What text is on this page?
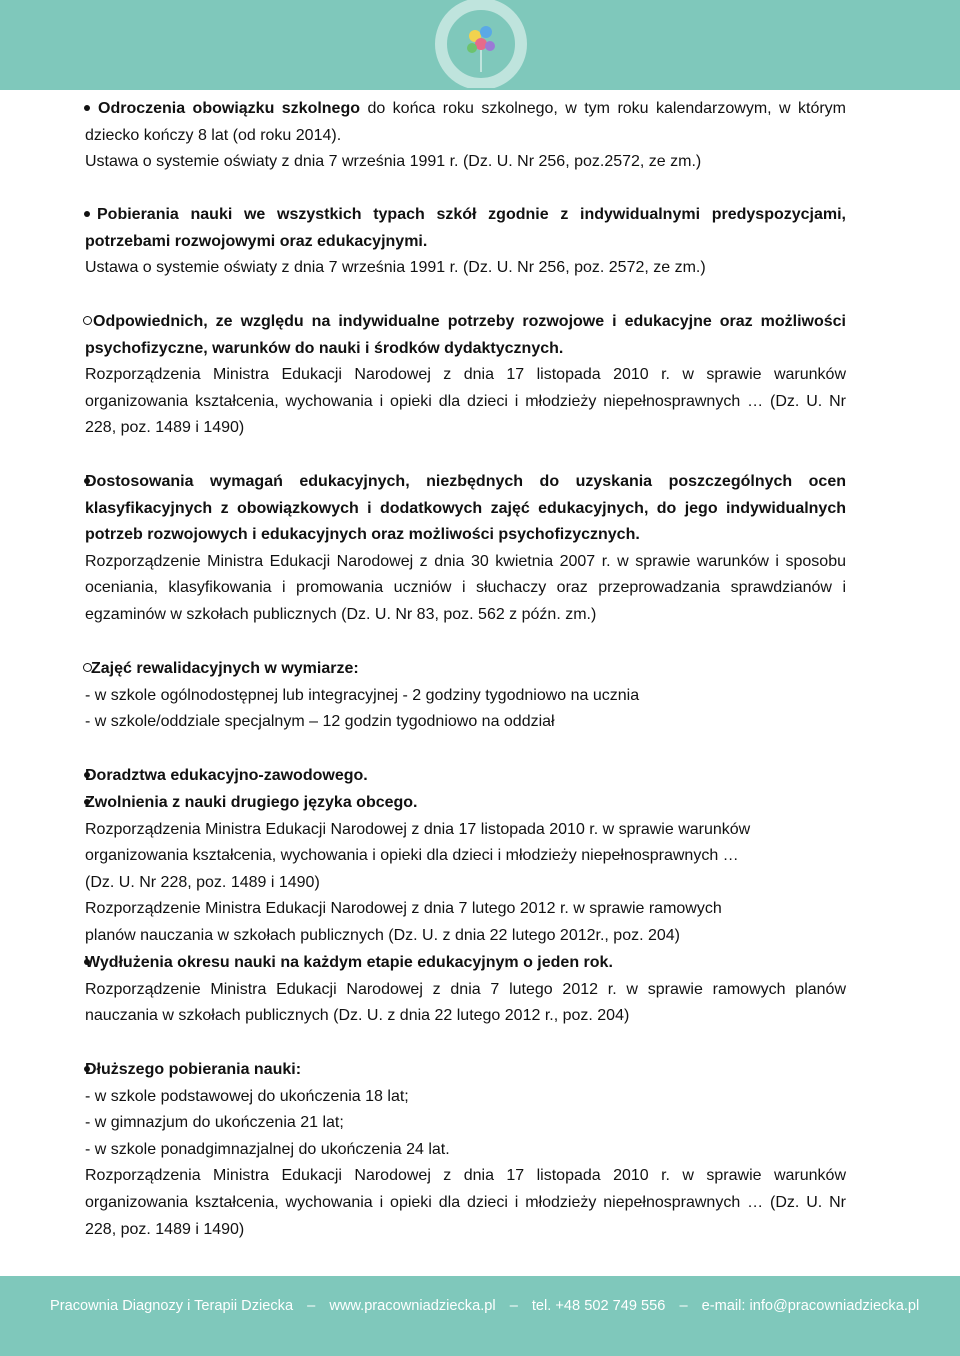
Odroczenia obowiązku szkolnego do końca roku szkolnego, w tym roku kalendarzowym, w którym dziecko kończy 8 lat (od roku 2014).
Ustawa o systemie oświaty z dnia 7 września 1991 r. (Dz. U. Nr 256, poz.2572, ze zm.)
Pobierania nauki we wszystkich typach szkół zgodnie z indywidualnymi predyspozycjami, potrzebami rozwojowymi oraz edukacyjnymi.
Ustawa o systemie oświaty z dnia 7 września 1991 r. (Dz. U. Nr 256, poz. 2572, ze zm.)
Odpowiednich, ze względu na indywidualne potrzeby rozwojowe i edukacyjne oraz możliwości psychofizyczne, warunków do nauki i środków dydaktycznych.
Rozporządzenia Ministra Edukacji Narodowej z dnia 17 listopada 2010 r. w sprawie warunków organizowania kształcenia, wychowania i opieki dla dzieci i młodzieży niepełnosprawnych … (Dz. U. Nr 228, poz. 1489 i 1490)
Dostosowania wymagań edukacyjnych, niezbędnych do uzyskania poszczególnych ocen klasyfikacyjnych z obowiązkowych i dodatkowych zajęć edukacyjnych, do jego indywidualnych potrzeb rozwojowych i edukacyjnych oraz możliwości psychofizycznych.
Rozporządzenie Ministra Edukacji Narodowej z dnia 30 kwietnia 2007 r. w sprawie warunków i sposobu oceniania, klasyfikowania i promowania uczniów i słuchaczy oraz przeprowadzania sprawdzianów i egzaminów w szkołach publicznych (Dz. U. Nr 83, poz. 562 z późn. zm.)
Zajęć rewalidacyjnych w wymiarze:
- w szkole ogólnodostępnej lub integracyjnej - 2 godziny tygodniowo na ucznia
- w szkole/oddziale specjalnym – 12 godzin tygodniowo na oddział
Doradztwa edukacyjno-zawodowego.
Zwolnienia z nauki drugiego języka obcego.
Rozporządzenia Ministra Edukacji Narodowej z dnia 17 listopada 2010 r. w sprawie warunków
organizowania kształcenia, wychowania i opieki dla dzieci i młodzieży niepełnosprawnych …
(Dz. U. Nr 228, poz. 1489 i 1490)
Rozporządzenie Ministra Edukacji Narodowej z dnia 7 lutego 2012 r. w sprawie ramowych
planów nauczania w szkołach publicznych (Dz. U. z dnia 22 lutego 2012r., poz. 204)
Wydłużenia okresu nauki na każdym etapie edukacyjnym o jeden rok.
Rozporządzenie Ministra Edukacji Narodowej z dnia 7 lutego 2012 r. w sprawie ramowych planów nauczania w szkołach publicznych (Dz. U. z dnia 22 lutego 2012 r., poz. 204)
Dłuższego pobierania nauki:
- w szkole podstawowej do ukończenia 18 lat;
- w gimnazjum do ukończenia 21 lat;
- w szkole ponadgimnazjalnej do ukończenia 24 lat.
Rozporządzenia Ministra Edukacji Narodowej z dnia 17 listopada 2010 r. w sprawie warunków organizowania kształcenia, wychowania i opieki dla dzieci i młodzieży niepełnosprawnych … (Dz. U. Nr 228, poz. 1489 i 1490)
Pracownia Diagnozy i Terapii Dziecka – www.pracowniadziecka.pl – tel. +48 502 749 556 – e-mail: info@pracowniadziecka.pl
